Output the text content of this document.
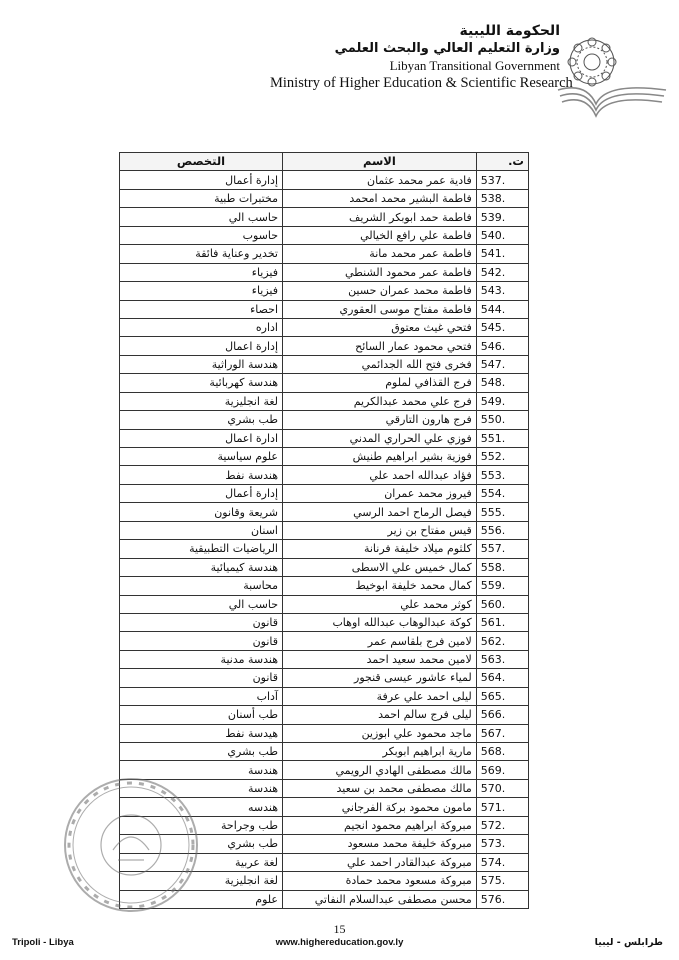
الحكومة الليبية
وزارة التعليم العالي والبحث العلمي
Libyan Transitional Government
Ministry of Higher Education & Scientific Research
ت.	الاسم	التخصص
537.	فادية عمر محمد عثمان	إدارة أعمال
538.	فاطمة البشير محمد امحمد	مختبرات طبية
539.	فاطمة حمد ابوبكر الشريف	حاسب الي
540.	فاطمة علي رافع الخيالي	حاسوب
541.	فاطمة عمر محمد مانة	تخدير وعناية فائقة
542.	فاطمة عمر محمود الشنطي	فيزياء
543.	فاطمة محمد عمران حسين	فيزياء
544.	فاطمة مفتاح موسى العقوري	احصاء
545.	فتحي غيث معتوق	اداره
546.	فتحي محمود عمار السائح	إدارة اعمال
547.	فخرى فتح الله الجدائمي	هندسة الوراثية
548.	فرج القذافي لملوم	هندسة كهربائية
549.	فرج علي محمد عبدالكريم	لغة انجليزية
550.	فرج هارون التارقي	طب بشري
551.	فوزي علي الحراري المدني	ادارة اعمال
552.	فوزية بشير ابراهيم طنيش	علوم سياسية
553.	فؤاد عبدالله احمد علي	هندسة نفط
554.	فيروز محمد عمران	إدارة أعمال
555.	فيصل الرماح احمد الرسي	شريعة وقانون
556.	قيس مفتاح بن زير	اسنان
557.	كلثوم ميلاد خليفة فرنانة	الرياضيات التطبيقية
558.	كمال خميس علي الاسطى	هندسة كيميائية
559.	كمال محمد خليفة ابوخيط	محاسبة
560.	كوثر محمد علي	حاسب الي
561.	كوكة عبدالوهاب عبدالله اوهاب	قانون
562.	لامين فرج بلقاسم عمر	قانون
563.	لامين محمد سعيد احمد	هندسة مدنية
564.	لمياء عاشور عيسى قنجور	قانون
565.	ليلى احمد علي عرفة	آداب
566.	ليلى فرج سالم احمد	طب أسنان
567.	ماجد محمود علي ابوزين	هيدسة نفط
568.	مارية ابراهيم ابوبكر	طب بشري
569.	مالك مصطفى الهادي الرويمي	هندسة
570.	مالك مصطفى محمد بن سعيد	هندسة
571.	مامون محمود بركة الفرجاني	هندسه
572.	مبروكة ابراهيم محمود انجيم	طب وجراحة
573.	مبروكة خليفة محمد مسعود	طب بشري
574.	مبروكة عبدالقادر احمد علي	لغة عربية
575.	مبروكة مسعود محمد حمادة	لغة انجليزية
576.	محسن مصطفى عبدالسلام النفاتي	علوم
15
Tripoli - Libya	www.highereducation.gov.ly	طرابلس - ليبيا
